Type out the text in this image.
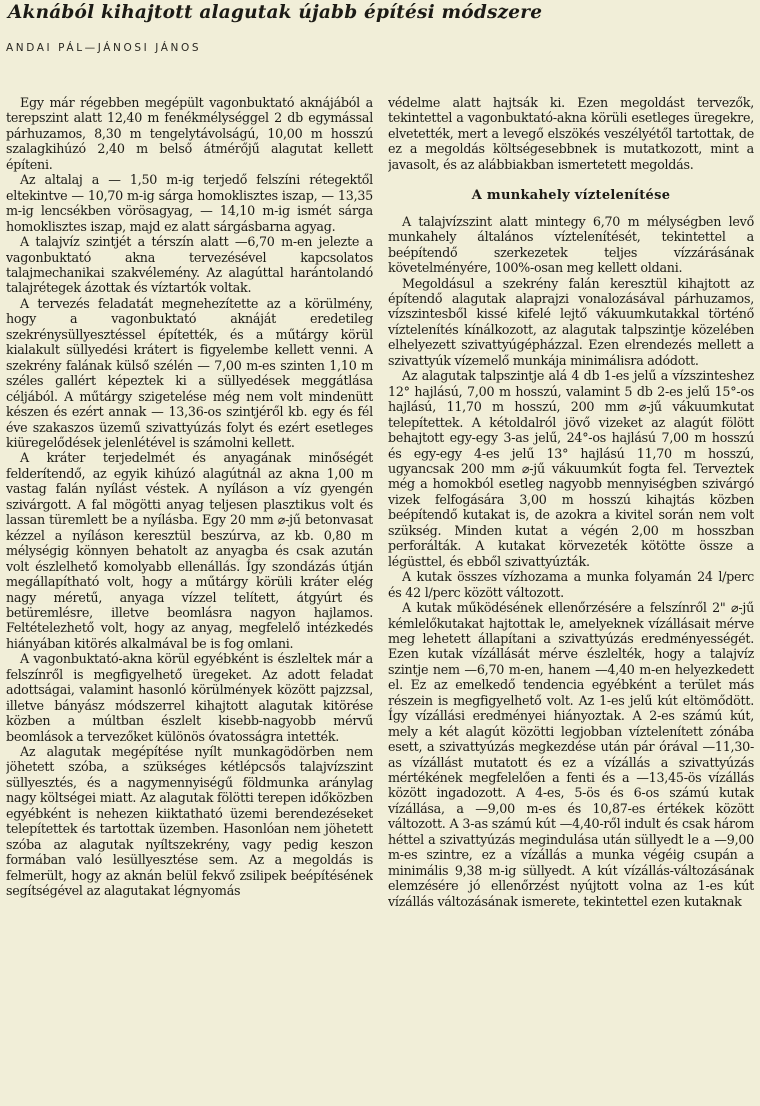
Aknából kihajtott alagutak újabb építési módszere
ANDAI PÁL—JÁNOSI JÁNOS

Egy már régebben megépült vagonbuktató aknájából a terepszint alatt 12,40 m fenékmélységgel 2 db egymással párhuzamos, 8,30 m tengelytávolságú, 10,00 m hosszú szalagkihúzó 2,40 m belső átmérőjű alagutat kellett építeni.

Az altalaj a — 1,50 m-ig terjedő felszíni rétegektől eltekintve — 10,70 m-ig sárga homoklisztes iszap, — 13,35 m-ig lencsékben vörösagyag, — 14,10 m-ig ismét sárga homoklisztes iszap, majd ez alatt sárgásbarna agyag.

A talajvíz szintjét a térszín alatt —6,70 m-en jelezte a vagonbuktató akna tervezésével kapcsolatos talajmechanikai szakvélemény. Az alagúttal harántolandó talajrétegek ázottak és víztartók voltak.

A tervezés feladatát megnehezítette az a körülmény, hogy a vagonbuktató aknáját eredetileg szekrénysüllyesztéssel építették, és a műtárgy körül kialakult süllyedési krátert is figyelembe kellett venni. A szekrény falának külső szélén — 7,00 m-es szinten 1,10 m széles gallért képeztek ki a süllyedések meggátlása céljából. A műtárgy szigetelése még nem volt mindenütt készen és ezért annak — 13,36-os szintjéről kb. egy és fél éve szakaszos üzemű szivattyúzás folyt és ezért esetleges kiüregelődések jelenlétével is számolni kellett.

A kráter terjedelmét és anyagának minőségét felderítendő, az egyik kihúzó alagútnál az akna 1,00 m vastag falán nyílást véstek. A nyíláson a víz gyengén szivárgott. A fal mögötti anyag teljesen plasztikus volt és lassan türemlett be a nyílásba. Egy 20 mm ⌀-jű betonvasat kézzel a nyíláson keresztül beszúrva, az kb. 0,80 m mélységig könnyen behatolt az anyagba és csak azután volt észlelhető komolyabb ellenállás. Így szondázás útján megállapítható volt, hogy a műtárgy körüli kráter elég nagy méretű, anyaga vízzel telített, átgyúrt és betüremlésre, illetve beomlásra nagyon hajlamos. Feltételezhető volt, hogy az anyag, megfelelő intézkedés hiányában kitörés alkalmával be is fog omlani.

A vagonbuktató-akna körül egyébként is észleltek már a felszínről is megfigyelhető üregeket. Az adott feladat adottságai, valamint hasonló körülmények között pajzzsal, illetve bányász módszerrel kihajtott alagutak kitörése közben a múltban észlelt kisebb-nagyobb mérvű beomlások a tervezőket különös óvatosságra intették.

Az alagutak megépítése nyílt munkagödörben nem jöhetett szóba, a szükséges kétlépcsős talajvízszint süllyesztés, és a nagymennyiségű földmunka aránylag nagy költségei miatt. Az alagutak fölötti terepen időközben egyébként is nehezen kiiktatható üzemi berendezéseket telepítettek és tartottak üzemben. Hasonlóan nem jöhetett szóba az alagutak nyíltszekrény, vagy pedig keszon formában való lesüllyesztése sem. Az a megoldás is felmerült, hogy az aknán belül fekvő zsilipek beépítésének segítségével az alagutakat légnyomás

védelme alatt hajtsák ki. Ezen megoldást tervezők, tekintettel a vagonbuktató-akna körüli esetleges üregekre, elvetették, mert a levegő elszökés veszélyétől tartottak, de ez a megoldás költségesebbnek is mutatkozott, mint a javasolt, és az alábbiakban ismertetett megoldás.

A munkahely víztelenítése

A talajvízszint alatt mintegy 6,70 m mélységben levő munkahely általános víztelenítését, tekintettel a beépítendő szerkezetek teljes vízzárásának követelményére, 100%-osan meg kellett oldani.

Megoldásul a szekrény falán keresztül kihajtott az építendő alagutak alaprajzi vonalozásával párhuzamos, vízszintesből kissé kifelé lejtő vákuumkutakkal történő víztelenítés kínálkozott, az alagutak talpszintje közelében elhelyezett szivattyúgépházzal. Ezen elrendezés mellett a szivattyúk vízemelő munkája minimálisra adódott.

Az alagutak talpszintje alá 4 db 1-es jelű a vízszinteshez 12° hajlású, 7,00 m hosszú, valamint 5 db 2-es jelű 15°-os hajlású, 11,70 m hosszú, 200 mm ⌀-jű vákuumkutat telepítettek. A kétoldalról jövő vizeket az alagút fölött behajtott egy-egy 3-as jelű, 24°-os hajlású 7,00 m hosszú és egy-egy 4-es jelű 13° hajlású 11,70 m hosszú, ugyancsak 200 mm ⌀-jű vákuumkút fogta fel. Terveztek még a homokból esetleg nagyobb mennyiségben szivárgó vizek felfogására 3,00 m hosszú kihajtás közben beépítendő kutakat is, de azokra a kivitel során nem volt szükség. Minden kutat a végén 2,00 m hosszban perforálták. A kutakat körvezeték kötötte össze a légüsttel, és ebből szivattyúzták.

A kutak összes vízhozama a munka folyamán 24 l/perc és 42 l/perc között változott.

A kutak működésének ellenőrzésére a felszínről 2" ⌀-jű kémlelőkutakat hajtottak le, amelyeknek vízállásait mérve meg lehetett állapítani a szivattyúzás eredményességét. Ezen kutak vízállását mérve észlelték, hogy a talajvíz szintje nem —6,70 m-en, hanem —4,40 m-en helyezkedett el. Ez az emelkedő tendencia egyébként a terület más részein is megfigyelhető volt. Az 1-es jelű kút eltömődött. Így vízállási eredményei hiányoztak. A 2-es számú kút, mely a két alagút közötti legjobban víztelenített zónába esett, a szivattyúzás megkezdése után pár órával —11,30-as vízállást mutatott és ez a vízállás a szivattyúzás mértékének megfelelően a fenti és a —13,45-ös vízállás között ingadozott. A 4-es, 5-ös és 6-os számú kutak vízállása, a —9,00 m-es és 10,87-es értékek között változott. A 3-as számú kút —4,40-ről indult és csak három héttel a szivattyúzás megindulása után süllyedt le a —9,00 m-es szintre, ez a vízállás a munka végéig csupán a minimális 9,38 m-ig süllyedt. A kút vízállás-változásának elemzésére jó ellenőrzést nyújtott volna az 1-es kút vízállás változásának ismerete, tekintettel ezen kutaknak
